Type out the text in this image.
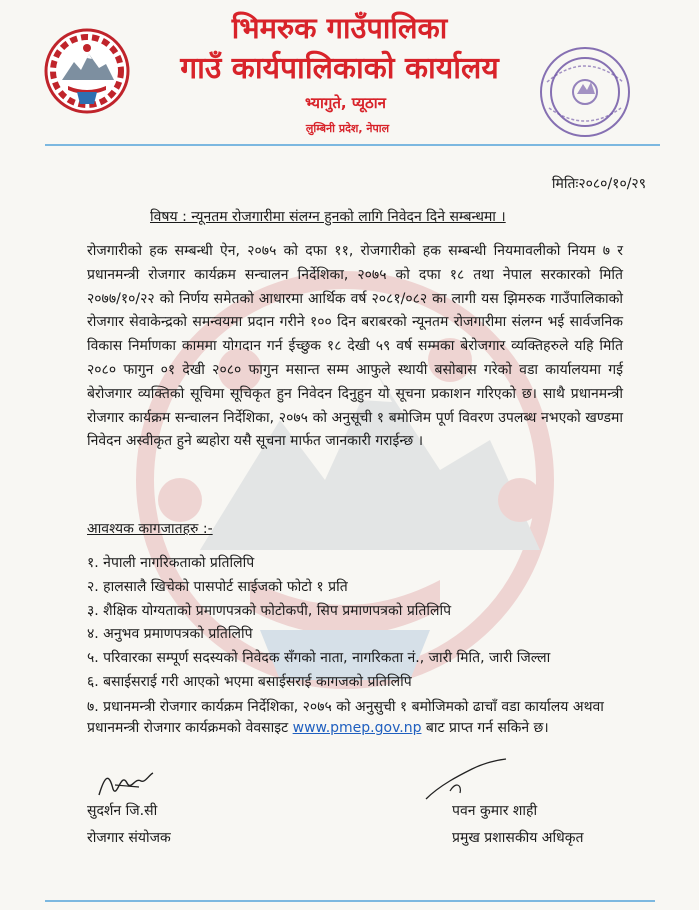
भिमरुक गाउँपालिका
गाउँ कार्यपालिकाको कार्यालय
भ्यागुते, प्यूठान
लुम्बिनी प्रदेश, नेपाल
मितिः२०८०/१०/२९
विषय : न्यूनतम रोजगारीमा संलग्न हुनको लागि निवेदन दिने सम्बन्धमा ।
रोजगारीको हक सम्बन्धी ऐन, २०७५ को दफा ११, रोजगारीको हक सम्बन्धी नियमावलीको नियम ७ र प्रधानमन्त्री रोजगार कार्यक्रम सन्चालन निर्देशिका, २०७५ को दफा १८ तथा नेपाल सरकारको मिति २०७७/१०/२२ को निर्णय समेतको आधारमा आर्थिक वर्ष २०८१/०८२ का लागी यस झिमरुक गाउँपालिकाको रोजगार सेवाकेन्द्रको समन्वयमा प्रदान गरीने १०० दिन बराबरको न्यूनतम रोजगारीमा संलग्न भई सार्वजनिक विकास निर्माणका काममा योगदान गर्न ईच्छुक १८ देखी ५९ वर्ष सम्मका बेरोजगार व्यक्तिहरुले यहि मिति २०८० फागुन ०१ देखी २०८० फागुन मसान्त सम्म आफुले स्थायी बसोबास गरेको वडा कार्यालयमा गई बेरोजगार व्यक्तिको सूचिमा सूचिकृत हुन निवेदन दिनुहुन यो सूचना प्रकाशन गरिएको छ। साथै प्रधानमन्त्री रोजगार कार्यक्रम सन्चालन निर्देशिका, २०७५ को अनुसूची १ बमोजिम पूर्ण विवरण उपलब्ध नभएको खण्डमा निवेदन अस्वीकृत हुने ब्यहोरा यसै सूचना मार्फत जानकारी गराईन्छ ।
आवश्यक कागजातहरु :-
१. नेपाली नागरिकताको प्रतिलिपि
२. हालसालै खिचेको पासपोर्ट साईजको फोटो १ प्रति
३. शैक्षिक योग्यताको प्रमाणपत्रको फोटोकपी, सिप प्रमाणपत्रको प्रतिलिपि
४. अनुभव प्रमाणपत्रको प्रतिलिपि
५. परिवारका सम्पूर्ण सदस्यको निवेदक सँगको नाता, नागरिकता नं., जारी मिति, जारी जिल्ला
६. बसाईसराई गरी आएको भएमा बसाईसराई कागजको प्रतिलिपि
७. प्रधानमन्त्री रोजगार कार्यक्रम निर्देशिका, २०७५ को अनुसुची १ बमोजिमको ढाचाँ वडा कार्यालय अथवा प्रधानमन्त्री रोजगार कार्यक्रमको वेवसाइट www.pmep.gov.np बाट प्राप्त गर्न सकिने छ।
सुदर्शन जि.सी
रोजगार संयोजक
पवन कुमार शाही
प्रमुख प्रशासकीय अधिकृत
